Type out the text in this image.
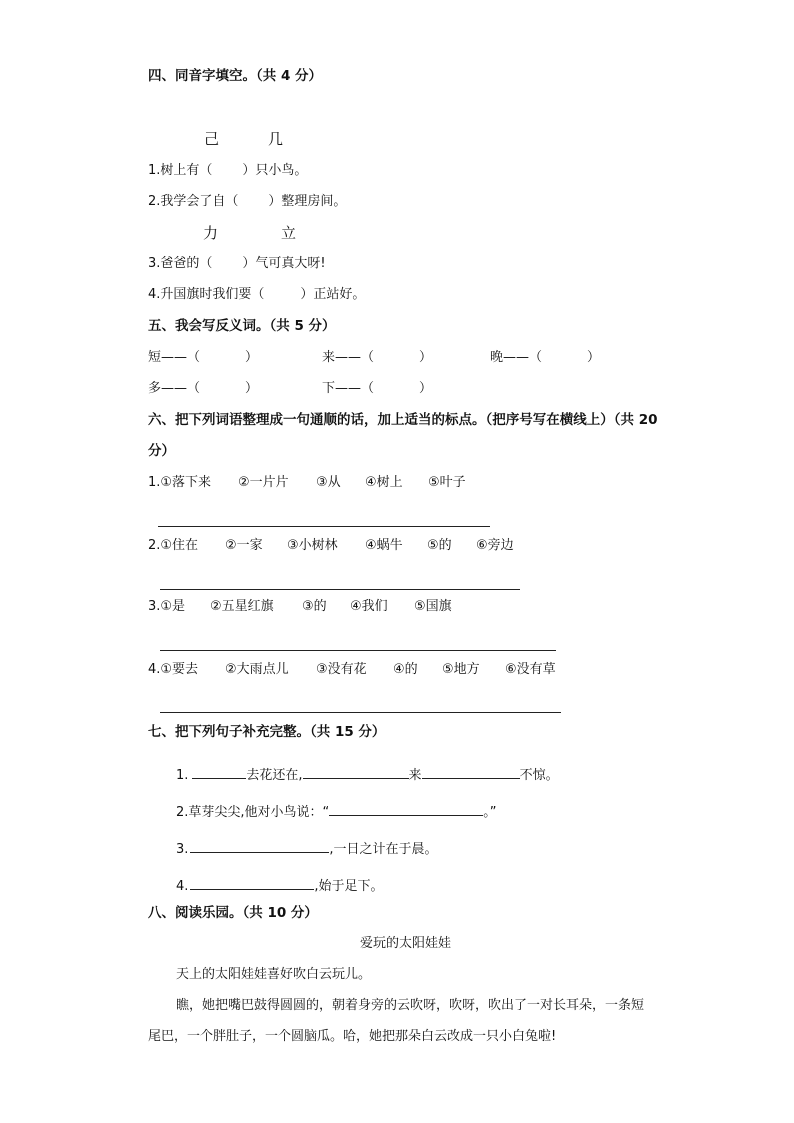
四、同音字填空。（共 4 分）
己	几
1.树上有（ ）只小鸟。
2.我学会了自（ ）整理房间。
力	立
3.爸爸的（ ）气可真大呀!
4.升国旗时我们要（	）正站好。
五、我会写反义词。（共 5 分）
短——（	）	来——（	）	晚——（	）
多——（	）	下——（	）
六、把下列词语整理成一句通顺的话，加上适当的标点。（把序号写在横线上）（共 20
分）
1.①落下来 ②一片片 ③从 ④树上 ⑤叶子
2.①住在 ②一家 ③小树林 ④蜗牛 ⑤的 ⑥旁边
3.①是 ②五星红旗 ③的 ④我们 ⑤国旗
4.①要去 ②大雨点儿 ③没有花 ④的 ⑤地方 ⑥没有草
七、把下列句子补充完整。（共 15 分）
1.	去花还在,	来	不惊。
2.草芽尖尖,他对小鸟说：“	。”
3.	,一日之计在于晨。
4.	,始于足下。
八、阅读乐园。（共 10 分）
爱玩的太阳娃娃
天上的太阳娃娃喜好吹白云玩儿。
瞧，她把嘴巴鼓得圆圆的，朝着身旁的云吹呀，吹呀，吹出了一对长耳朵，一条短
尾巴，一个胖肚子，一个圆脑瓜。哈，她把那朵白云改成一只小白兔啦!
